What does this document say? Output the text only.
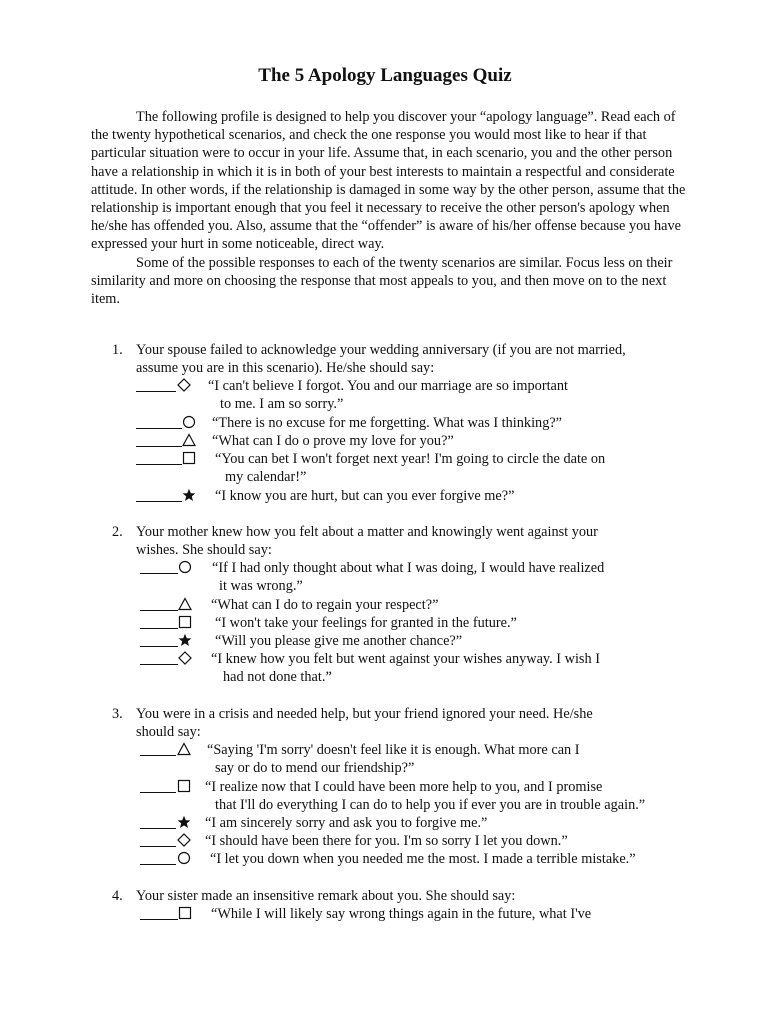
The 5 Apology Languages Quiz

The following profile is designed to help you discover your “apology language”. Read each of the twenty hypothetical scenarios, and check the one response you would most like to hear if that particular situation were to occur in your life. Assume that, in each scenario, you and the other person have a relationship in which it is in both of your best interests to maintain a respectful and considerate attitude. In other words, if the relationship is damaged in some way by the other person, assume that the relationship is important enough that you feel it necessary to receive the other person's apology when he/she has offended you. Also, assume that the “offender” is aware of his/her offense because you have expressed your hurt in some noticeable, direct way.

Some of the possible responses to each of the twenty scenarios are similar. Focus less on their similarity and more on choosing the response that most appeals to you, and then move on to the next item.

1. Your spouse failed to acknowledge your wedding anniversary (if you are not married,
assume you are in this scenario). He/she should say:
“I can't believe I forgot. You and our marriage are so important
to me. I am so sorry.”
“There is no excuse for me forgetting. What was I thinking?”
“What can I do o prove my love for you?”
“You can bet I won't forget next year! I'm going to circle the date on
my calendar!”
“I know you are hurt, but can you ever forgive me?”
2. Your mother knew how you felt about a matter and knowingly went against your
wishes. She should say:
“If I had only thought about what I was doing, I would have realized
it was wrong.”
“What can I do to regain your respect?”
“I won't take your feelings for granted in the future.”
“Will you please give me another chance?”
“I knew how you felt but went against your wishes anyway. I wish I
had not done that.”
3. You were in a crisis and needed help, but your friend ignored your need. He/she
should say:
“Saying 'I'm sorry' doesn't feel like it is enough. What more can I
say or do to mend our friendship?”
“I realize now that I could have been more help to you, and I promise
that I'll do everything I can do to help you if ever you are in trouble again.”
“I am sincerely sorry and ask you to forgive me.”
“I should have been there for you. I'm so sorry I let you down.”
“I let you down when you needed me the most. I made a terrible mistake.”
4. Your sister made an insensitive remark about you. She should say:
“While I will likely say wrong things again in the future, what I've
